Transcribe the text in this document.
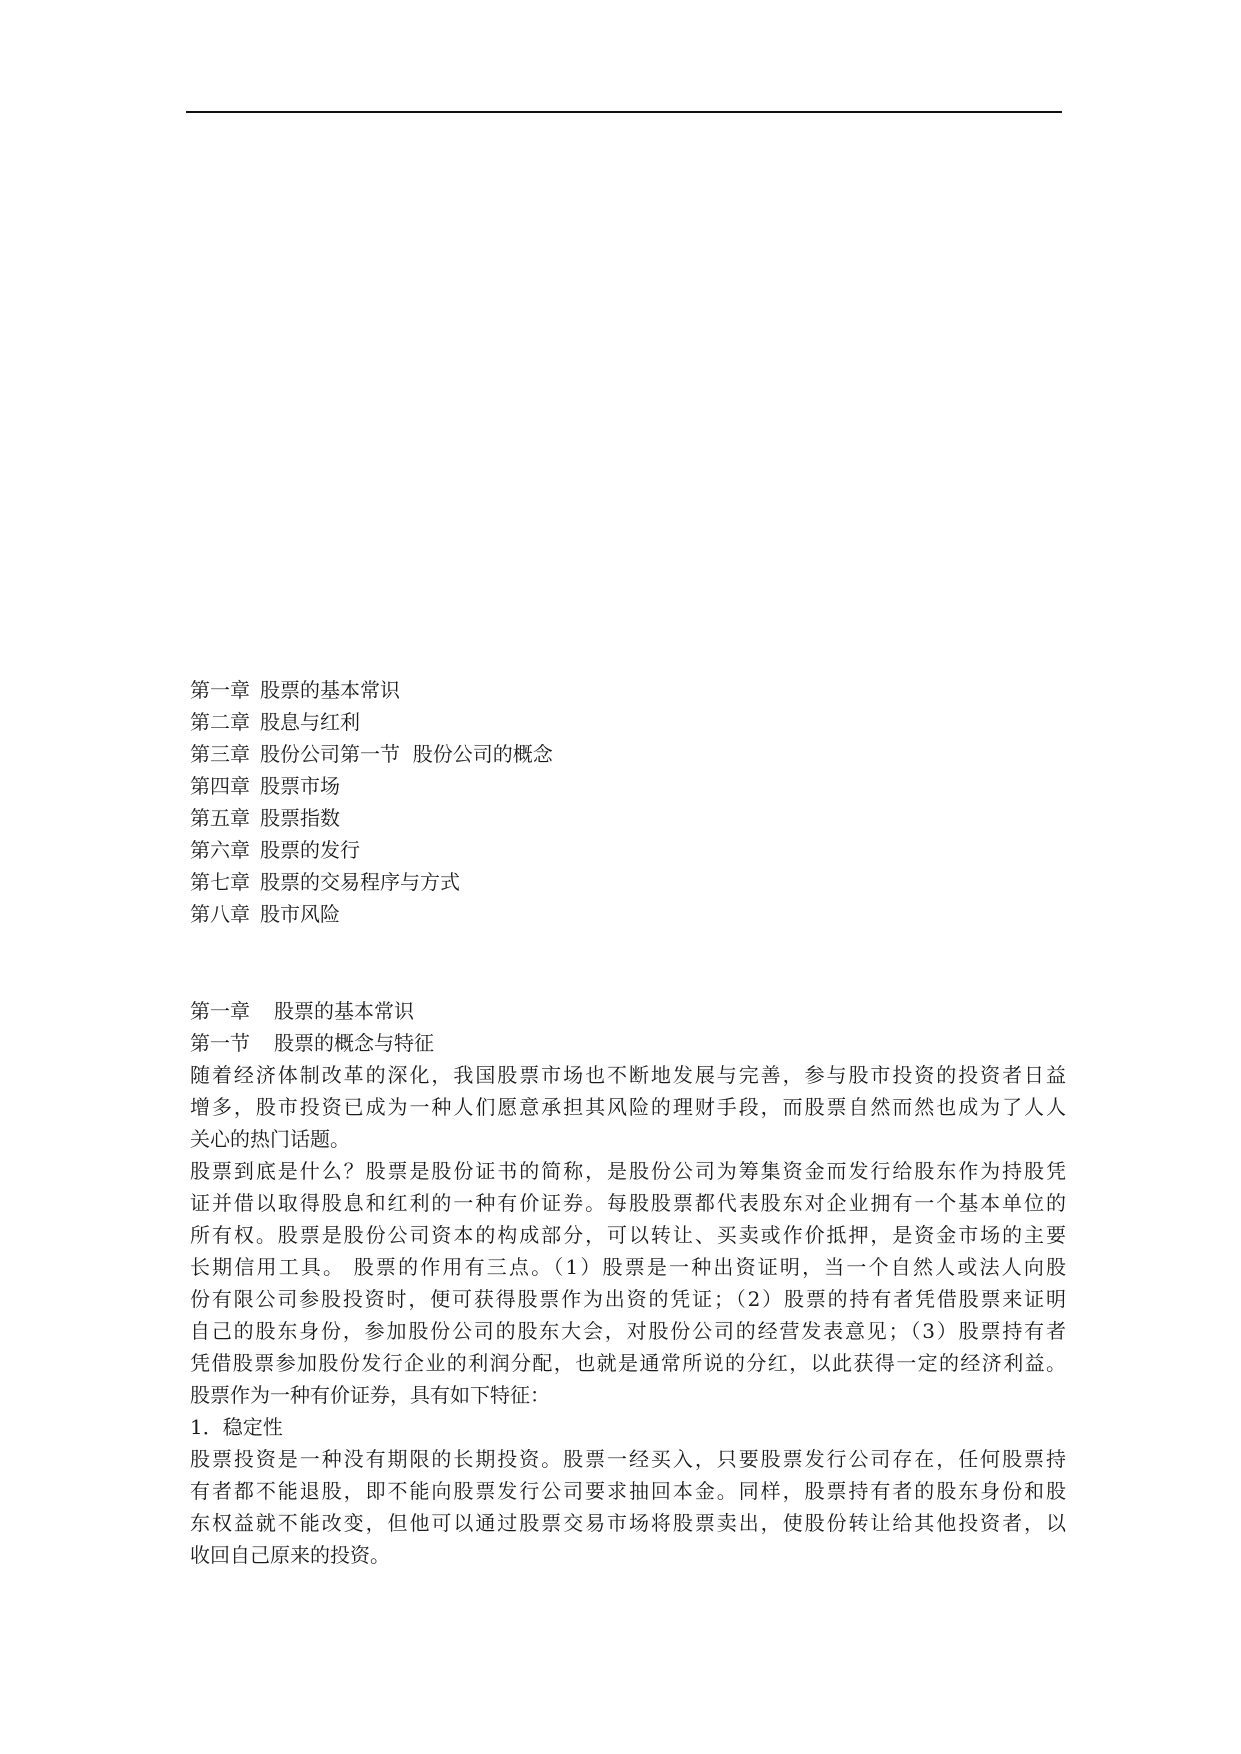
第一章 股票的基本常识
第二章 股息与红利
第三章 股份公司第一节  股份公司的概念
第四章 股票市场
第五章 股票指数
第六章 股票的发行
第七章 股票的交易程序与方式
第八章 股市风险
第一章 股票的基本常识
第一节 股票的概念与特征
随着经济体制改革的深化，我国股票市场也不断地发展与完善，参与股市投资的投资者日益
增多，股市投资已成为一种人们愿意承担其风险的理财手段，而股票自然而然也成为了人人
关心的热门话题。
股票到底是什么？股票是股份证书的简称，是股份公司为筹集资金而发行给股东作为持股凭
证并借以取得股息和红利的一种有价证券。每股股票都代表股东对企业拥有一个基本单位的
所有权。股票是股份公司资本的构成部分，可以转让、买卖或作价抵押，是资金市场的主要
长期信用工具。 股票的作用有三点。（1）股票是一种出资证明，当一个自然人或法人向股
份有限公司参股投资时，便可获得股票作为出资的凭证；（2）股票的持有者凭借股票来证明
自己的股东身份，参加股份公司的股东大会，对股份公司的经营发表意见；（3）股票持有者
凭借股票参加股份发行企业的利润分配，也就是通常所说的分红，以此获得一定的经济利益。
股票作为一种有价证券，具有如下特征：
1．稳定性
股票投资是一种没有期限的长期投资。股票一经买入，只要股票发行公司存在，任何股票持
有者都不能退股，即不能向股票发行公司要求抽回本金。同样，股票持有者的股东身份和股
东权益就不能改变，但他可以通过股票交易市场将股票卖出，使股份转让给其他投资者，以
收回自己原来的投资。
